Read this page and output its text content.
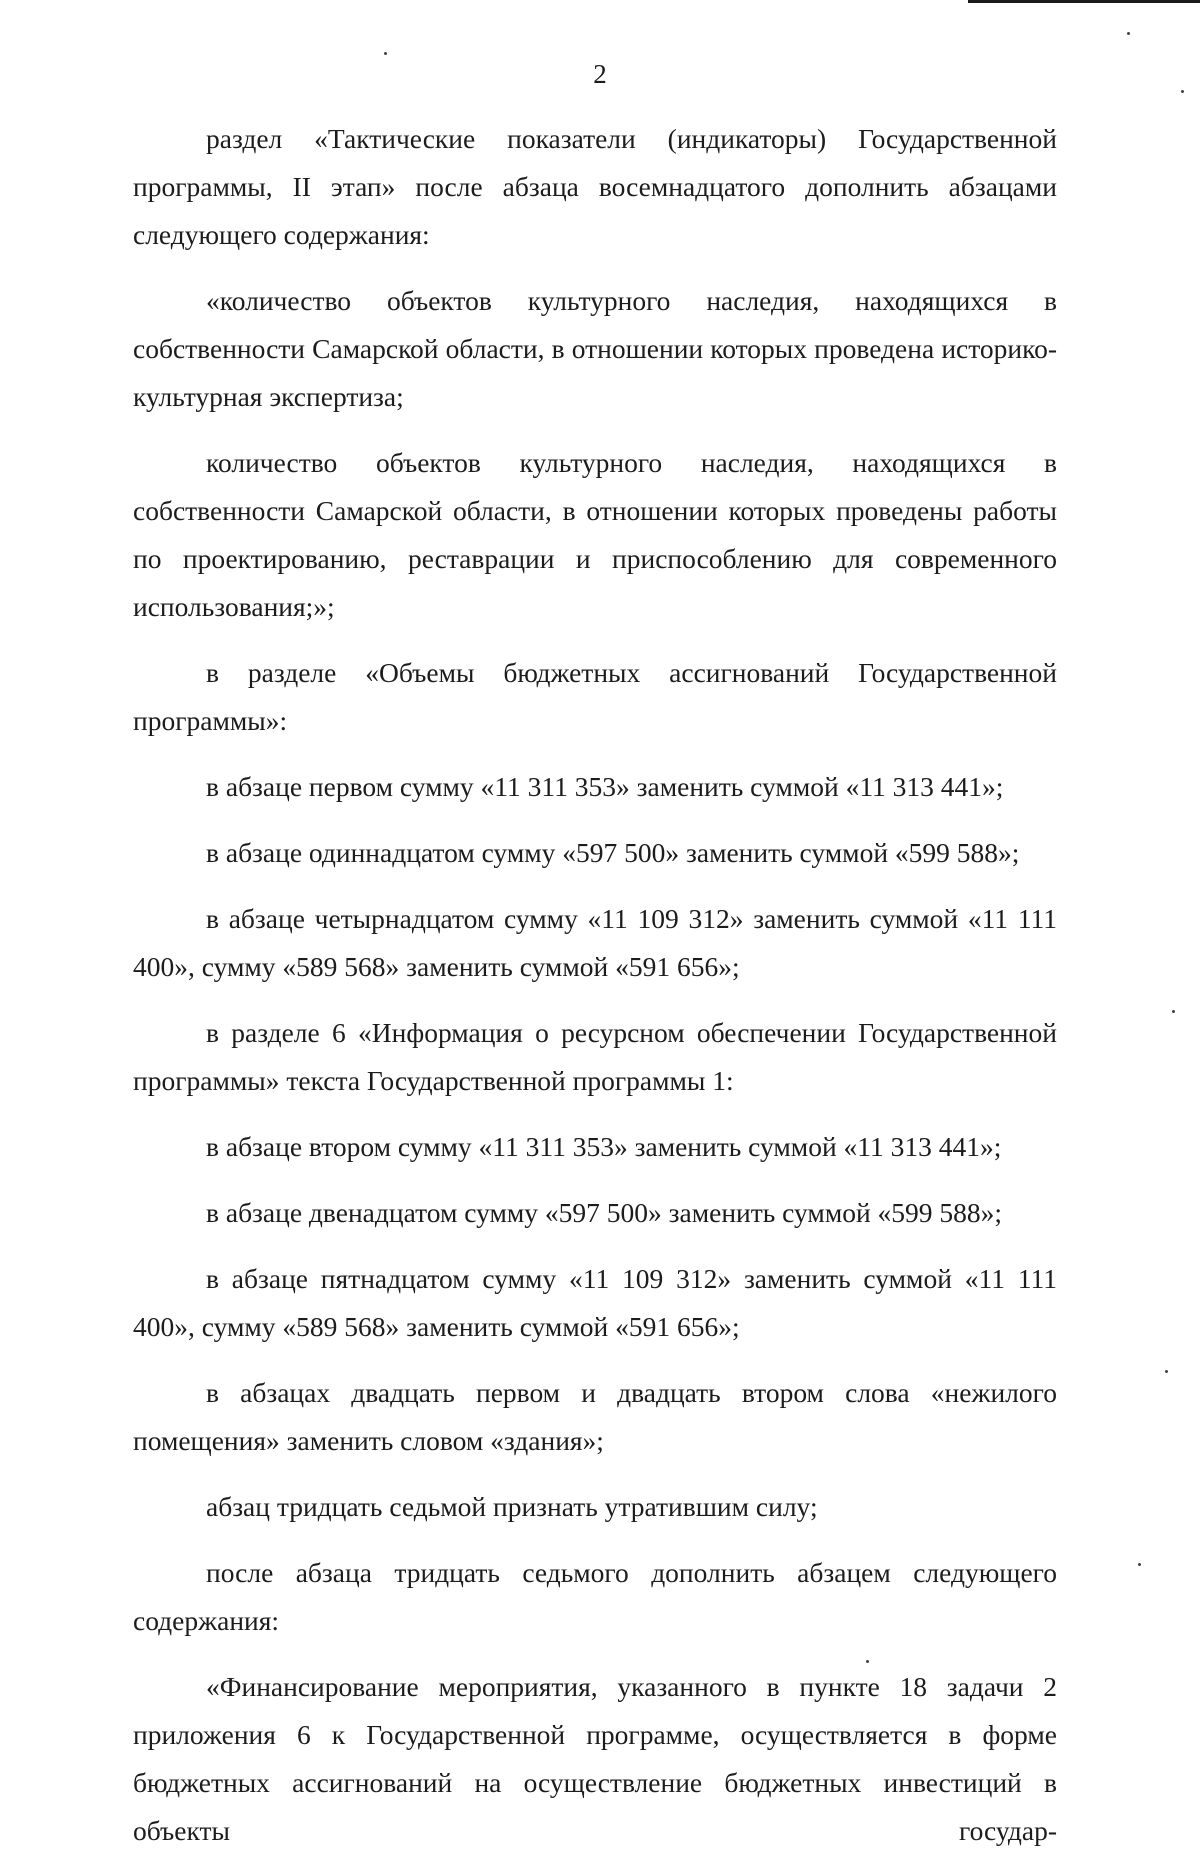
2

раздел «Тактические показатели (индикаторы) Государственной программы, II этап» после абзаца восемнадцатого дополнить абзацами следующего содержания:

«количество объектов культурного наследия, находящихся в собственности Самарской области, в отношении которых проведена историко-культурная экспертиза;

количество объектов культурного наследия, находящихся в собственности Самарской области, в отношении которых проведены работы по проектированию, реставрации и приспособлению для современного использования;»;

в разделе «Объемы бюджетных ассигнований Государственной программы»:

в абзаце первом сумму «11 311 353» заменить суммой «11 313 441»;

в абзаце одиннадцатом сумму «597 500» заменить суммой «599 588»;

в абзаце четырнадцатом сумму «11 109 312» заменить суммой «11 111 400», сумму «589 568» заменить суммой «591 656»;

в разделе 6 «Информация о ресурсном обеспечении Государственной программы» текста Государственной программы 1:

в абзаце втором сумму «11 311 353» заменить суммой «11 313 441»;

в абзаце двенадцатом сумму «597 500» заменить суммой «599 588»;

в абзаце пятнадцатом сумму «11 109 312» заменить суммой «11 111 400», сумму «589 568» заменить суммой «591 656»;

в абзацах двадцать первом и двадцать втором слова «нежилого помещения» заменить словом «здания»;

абзац тридцать седьмой признать утратившим силу;

после абзаца тридцать седьмого дополнить абзацем следующего содержания:

«Финансирование мероприятия, указанного в пункте 18 задачи 2 приложения 6 к Государственной программе, осуществляется в форме бюджетных ассигнований на осуществление бюджетных инвестиций в объекты государ-
